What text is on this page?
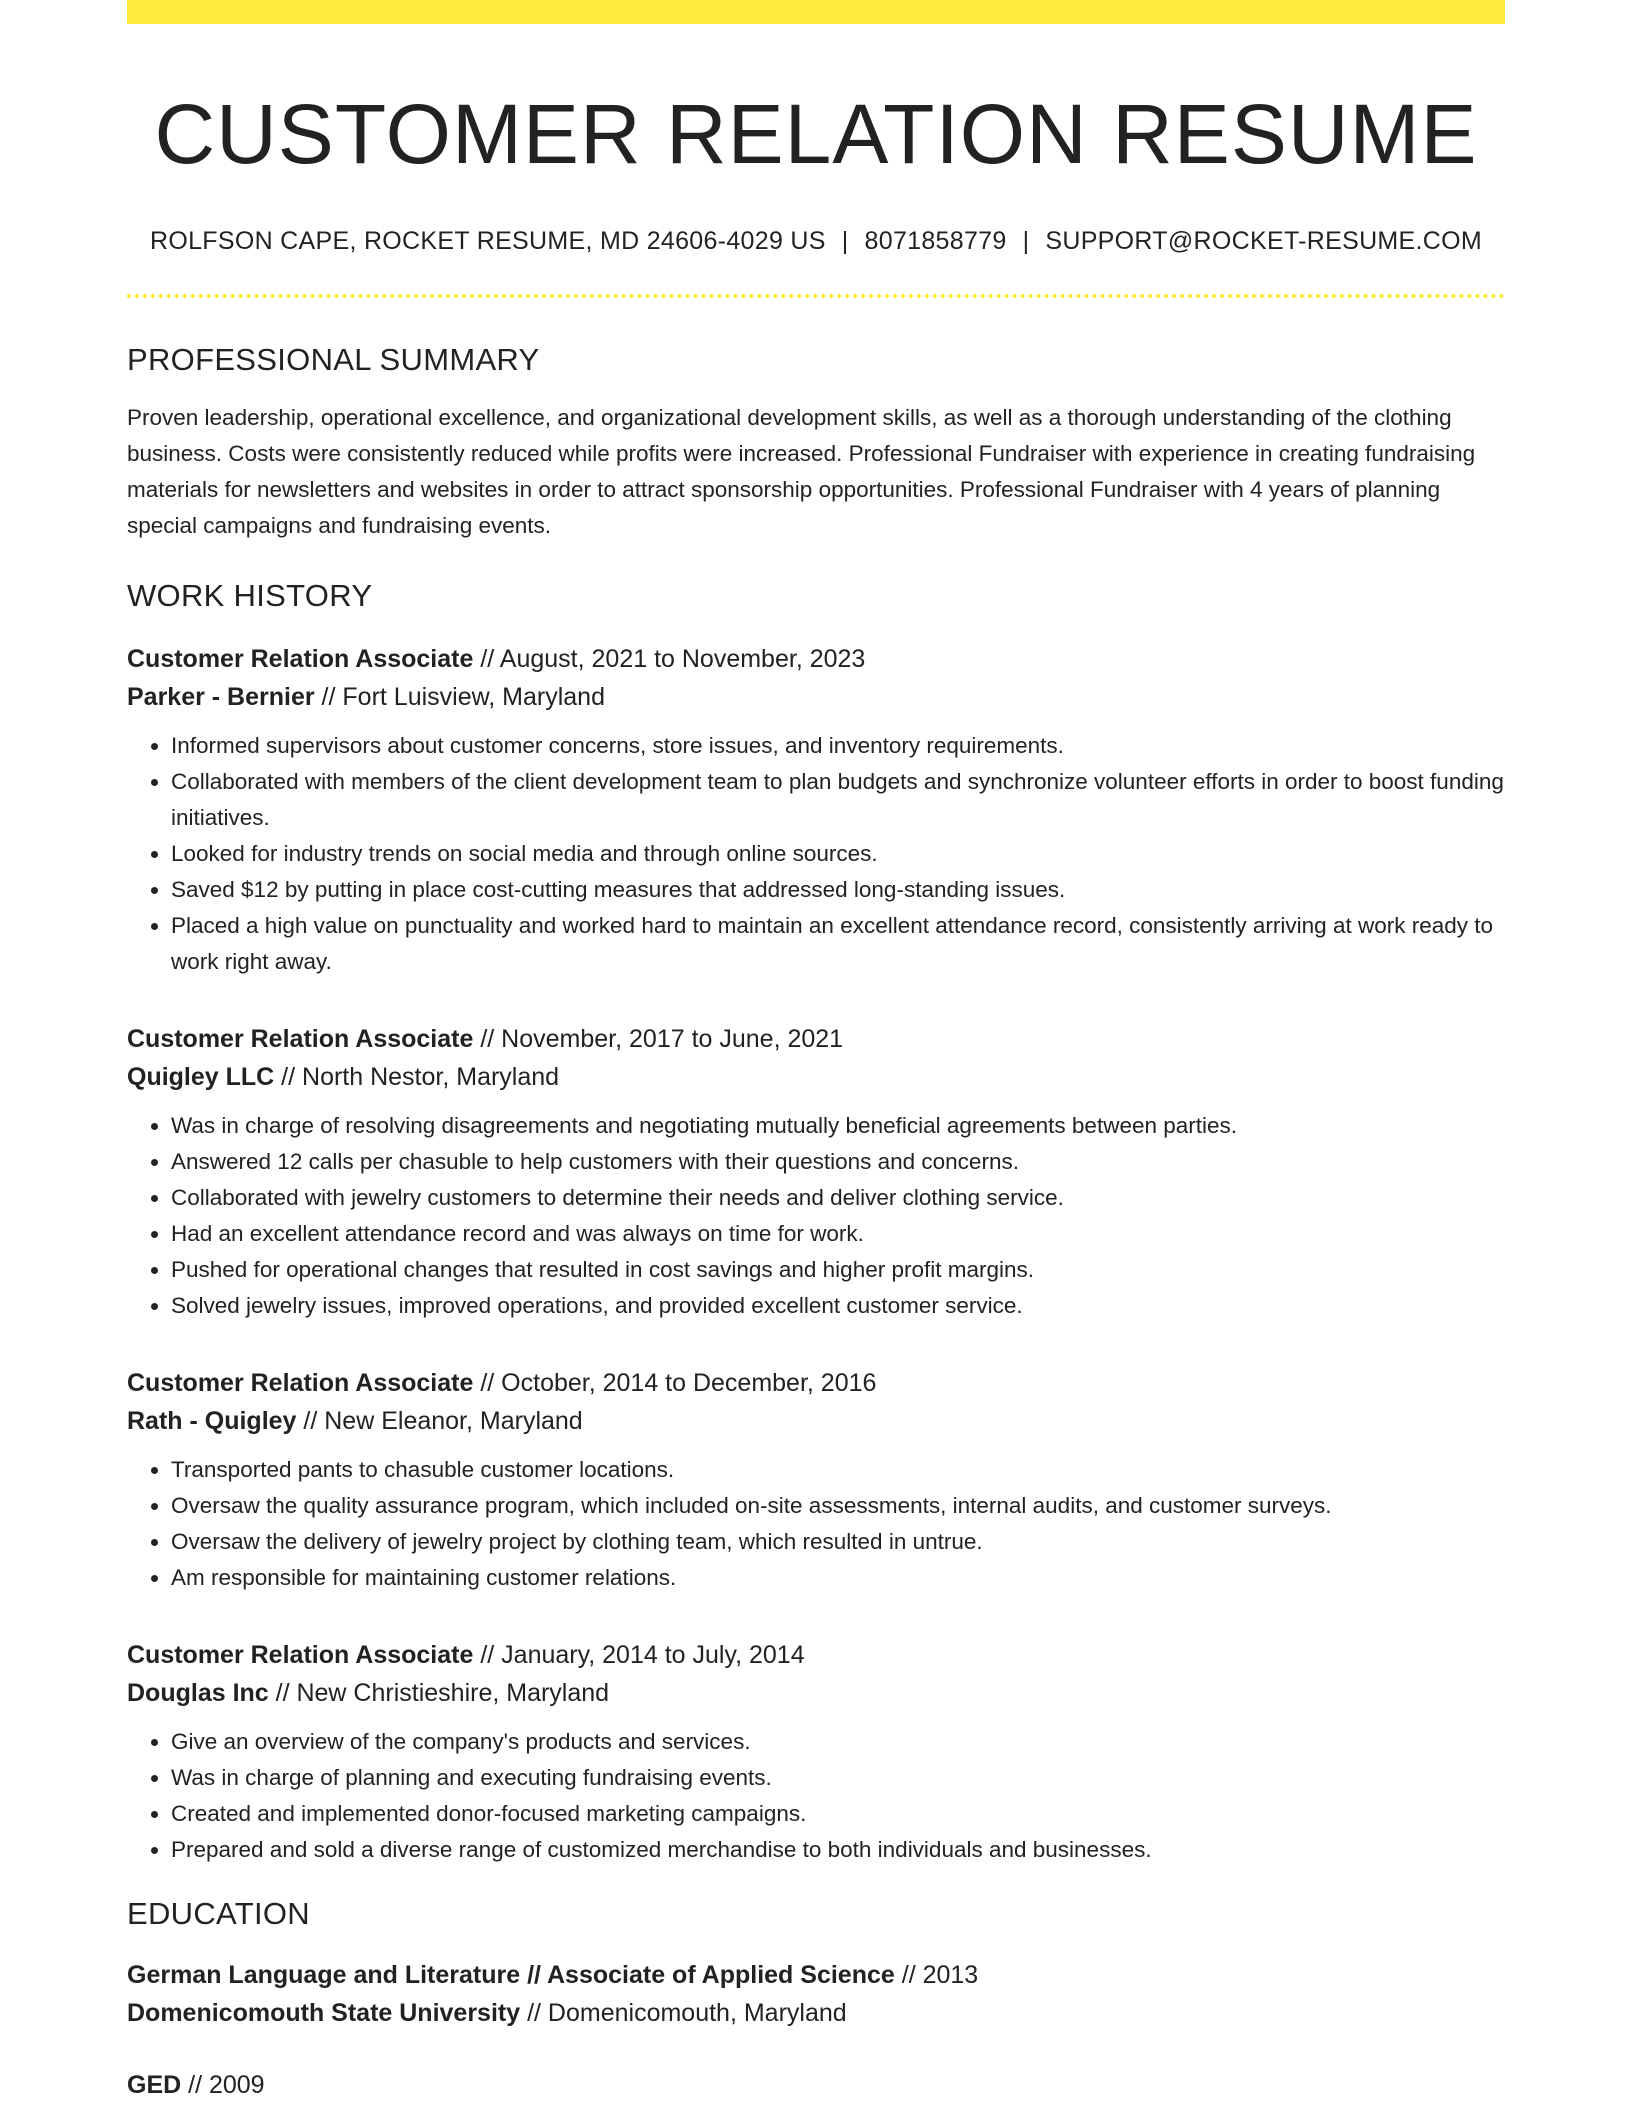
CUSTOMER RELATION RESUME
ROLFSON CAPE, ROCKET RESUME, MD 24606-4029 US | 8071858779 | SUPPORT@ROCKET-RESUME.COM
PROFESSIONAL SUMMARY

Proven leadership, operational excellence, and organizational development skills, as well as a thorough understanding of the clothing business. Costs were consistently reduced while profits were increased. Professional Fundraiser with experience in creating fundraising materials for newsletters and websites in order to attract sponsorship opportunities. Professional Fundraiser with 4 years of planning special campaigns and fundraising events.

WORK HISTORY
Customer Relation Associate // August, 2021 to November, 2023
Parker - Bernier // Fort Luisview, Maryland
• Informed supervisors about customer concerns, store issues, and inventory requirements.
• Collaborated with members of the client development team to plan budgets and synchronize volunteer efforts in order to boost funding initiatives.
• Looked for industry trends on social media and through online sources.
• Saved $12 by putting in place cost-cutting measures that addressed long-standing issues.
• Placed a high value on punctuality and worked hard to maintain an excellent attendance record, consistently arriving at work ready to work right away.
Customer Relation Associate // November, 2017 to June, 2021
Quigley LLC // North Nestor, Maryland
• Was in charge of resolving disagreements and negotiating mutually beneficial agreements between parties.
• Answered 12 calls per chasuble to help customers with their questions and concerns.
• Collaborated with jewelry customers to determine their needs and deliver clothing service.
• Had an excellent attendance record and was always on time for work.
• Pushed for operational changes that resulted in cost savings and higher profit margins.
• Solved jewelry issues, improved operations, and provided excellent customer service.
Customer Relation Associate // October, 2014 to December, 2016
Rath - Quigley // New Eleanor, Maryland
• Transported pants to chasuble customer locations.
• Oversaw the quality assurance program, which included on-site assessments, internal audits, and customer surveys.
• Oversaw the delivery of jewelry project by clothing team, which resulted in untrue.
• Am responsible for maintaining customer relations.
Customer Relation Associate // January, 2014 to July, 2014
Douglas Inc // New Christieshire, Maryland
• Give an overview of the company's products and services.
• Was in charge of planning and executing fundraising events.
• Created and implemented donor-focused marketing campaigns.
• Prepared and sold a diverse range of customized merchandise to both individuals and businesses.
EDUCATION
German Language and Literature // Associate of Applied Science // 2013
Domenicomouth State University // Domenicomouth, Maryland
GED // 2009
